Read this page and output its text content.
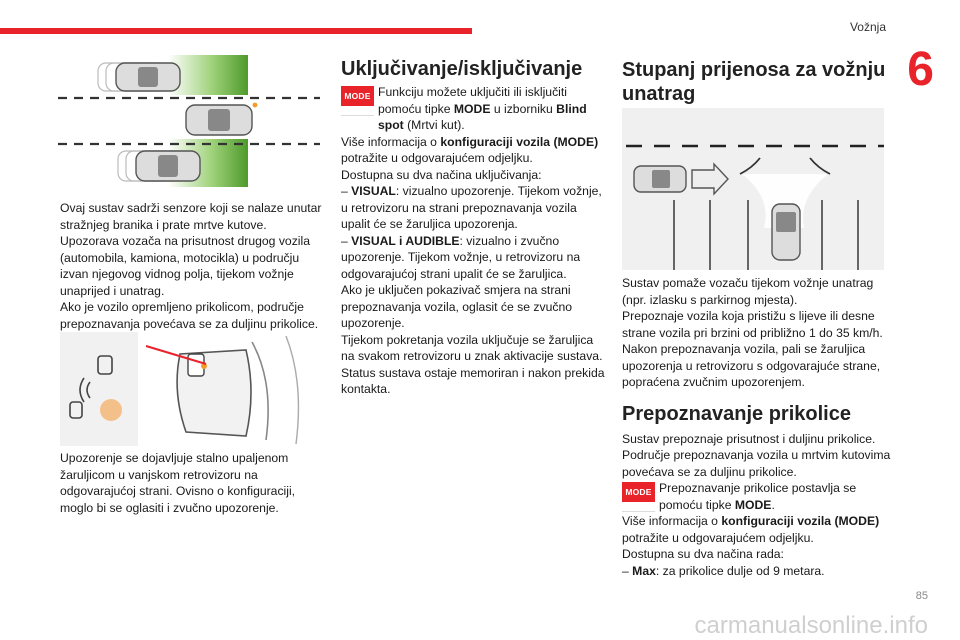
Vožnja
6

Ovaj sustav sadrži senzore koji se nalaze unutar stražnjeg branika i prate mrtve kutove.

Upozorava vozača na prisutnost drugog vozila (automobila, kamiona, motocikla) u području izvan njegovog vidnog polja, tijekom vožnje unaprijed i unatrag.

Ako je vozilo opremljeno prikolicom, područje prepoznavanja povećava se za duljinu prikolice.

Upozorenje se dojavljuje stalno upaljenom žaruljicom u vanjskom retrovizoru na odgovarajućoj strani. Ovisno o konfiguraciji, moglo bi se oglasiti i zvučno upozorenje.

Uključivanje/isključivanje
MODE Funkciju možete uključiti ili isključiti pomoću tipke MODE u izborniku Blind spot (Mrtvi kut).

Više informacija o konfiguraciji vozila (MODE) potražite u odgovarajućem odjeljku.

Dostupna su dva načina uključivanja:

– VISUAL: vizualno upozorenje. Tijekom vožnje, u retrovizoru na strani prepoznavanja vozila upalit će se žaruljica upozorenja.

– VISUAL i AUDIBLE: vizualno i zvučno upozorenje. Tijekom vožnje, u retrovizoru na odgovarajućoj strani upalit će se žaruljica.

Ako je uključen pokazivač smjera na strani prepoznavanja vozila, oglasit će se zvučno upozorenje.

Tijekom pokretanja vozila uključuje se žaruljica na svakom retrovizoru u znak aktivacije sustava.

Status sustava ostaje memoriran i nakon prekida kontakta.

Stupanj prijenosa za vožnju unatrag

Sustav pomaže vozaču tijekom vožnje unatrag (npr. izlasku s parkirnog mjesta).

Prepoznaje vozila koja pristižu s lijeve ili desne strane vozila pri brzini od približno 1 do 35 km/h.

Nakon prepoznavanja vozila, pali se žaruljica upozorenja u retrovizoru s odgovarajuće strane, popraćena zvučnim upozorenjem.

Prepoznavanje prikolice

Sustav prepoznaje prisutnost i duljinu prikolice.

Područje prepoznavanja vozila u mrtvim kutovima povećava se za duljinu prikolice.

MODE Prepoznavanje prikolice postavlja se pomoću tipke MODE.

Više informacija o konfiguraciji vozila (MODE) potražite u odgovarajućem odjeljku.

Dostupna su dva načina rada:

– Max: za prikolice dulje od 9 metara.

85
carmanualsonline.info
